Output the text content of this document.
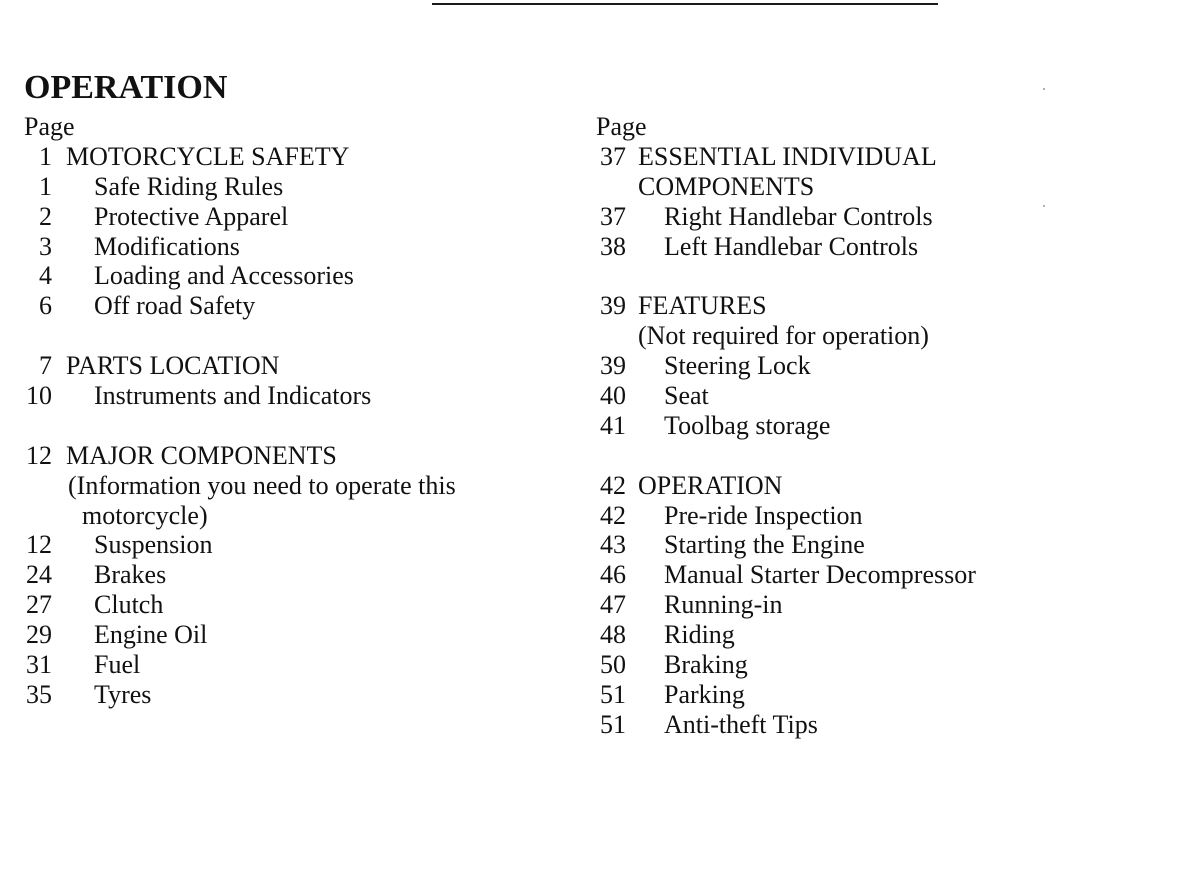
OPERATION
Page
1 MOTORCYCLE SAFETY
1 Safe Riding Rules
2 Protective Apparel
3 Modifications
4 Loading and Accessories
6 Off road Safety
7 PARTS LOCATION
10 Instruments and Indicators
12 MAJOR COMPONENTS
(Information you need to operate this
motorcycle)
12 Suspension
24 Brakes
27 Clutch
29 Engine Oil
31 Fuel
35 Tyres
Page
37 ESSENTIAL INDIVIDUAL
COMPONENTS
37 Right Handlebar Controls
38 Left Handlebar Controls
39 FEATURES
(Not required for operation)
39 Steering Lock
40 Seat
41 Toolbag storage
42 OPERATION
42 Pre-ride Inspection
43 Starting the Engine
46 Manual Starter Decompressor
47 Running-in
48 Riding
50 Braking
51 Parking
51 Anti-theft Tips
